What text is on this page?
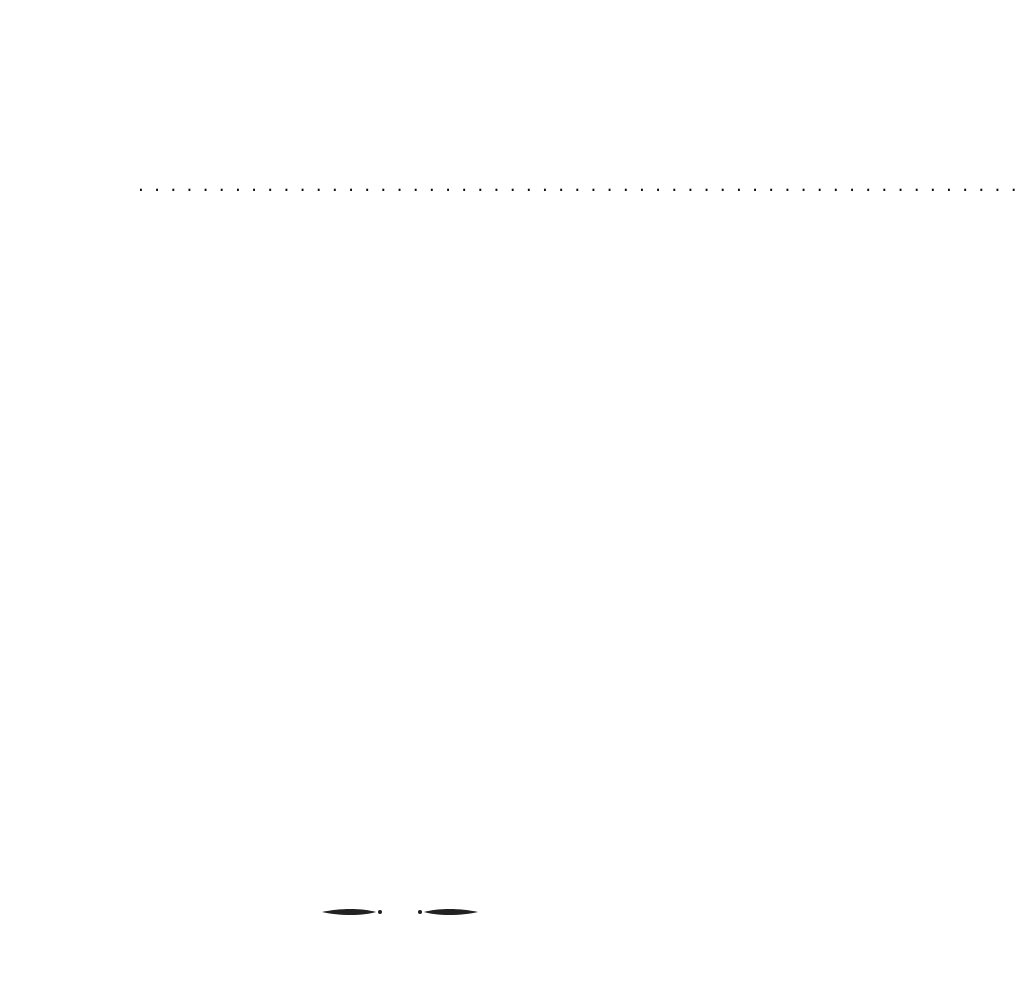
. . . . . . . . . . . . . . . . . . . . . . . . . . . . . . . . . . . . . . . . . . . . . . . . . . . . . . .
